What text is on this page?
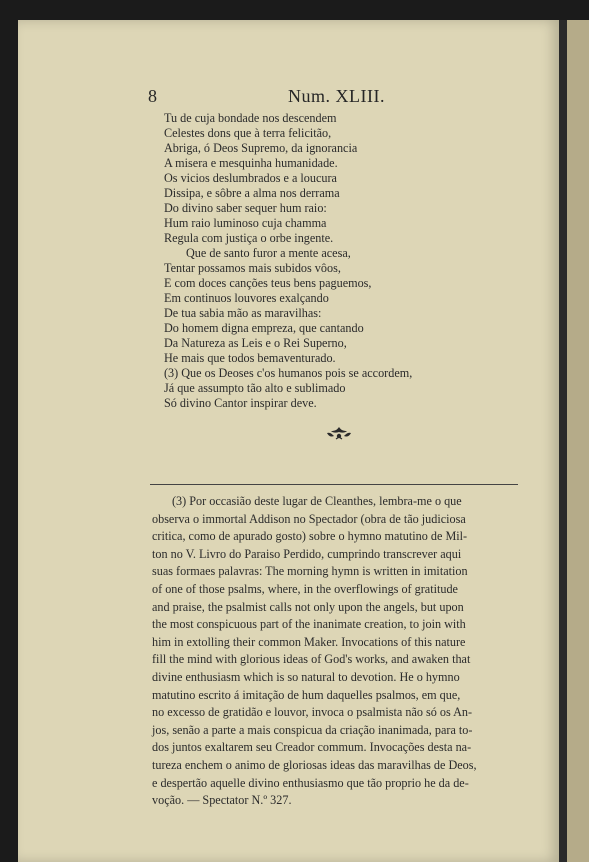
8	Num. XLIII.
Tu de cuja bondade nos descendem
Celestes dons que à terra felicitão,
Abriga, ó Deos Supremo, da ignorancia
A misera e mesquinha humanidade.
Os vicios deslumbrados e a loucura
Dissipa, e sôbre a alma nos derrama
Do divino saber sequer hum raio:
Hum raio luminoso cuja chamma
Regula com justiça o orbe ingente.
Que de santo furor a mente acesa,
Tentar possamos mais subidos vôos,
E com doces canções teus bens paguemos,
Em continuos louvores exalçando
De tua sabia mão as maravilhas:
Do homem digna empreza, que cantando
Da Natureza as Leis e o Rei Superno,
He mais que todos bemaventurado.
(3) Que os Deoses c'os humanos pois se accordem,
Já que assumpto tão alto e sublimado
Só divino Cantor inspirar deve.
(3) Por occasião deste lugar de Cleanthes, lembra-me o que
observa o immortal Addison no Spectador (obra de tão judiciosa
critica, como de apurado gosto) sobre o hymno matutino de Mil-
ton no V. Livro do Paraiso Perdido, cumprindo transcrever aqui
suas formaes palavras: The morning hymn is written in imitation
of one of those psalms, where, in the overflowings of gratitude
and praise, the psalmist calls not only upon the angels, but upon
the most conspicuous part of the inanimate creation, to join with
him in extolling their common Maker. Invocations of this nature
fill the mind with glorious ideas of God's works, and awaken that
divine enthusiasm which is so natural to devotion. He o hymno
matutino escrito á imitação de hum daquelles psalmos, em que,
no excesso de gratidão e louvor, invoca o psalmista não só os An-
jos, senão a parte a mais conspicua da criação inanimada, para to-
dos juntos exaltarem seu Creador commum. Invocações desta na-
tureza enchem o animo de gloriosas ideas das maravilhas de Deos,
e despertão aquelle divino enthusiasmo que tão proprio he da de-
voção. — Spectator N.º 327.
